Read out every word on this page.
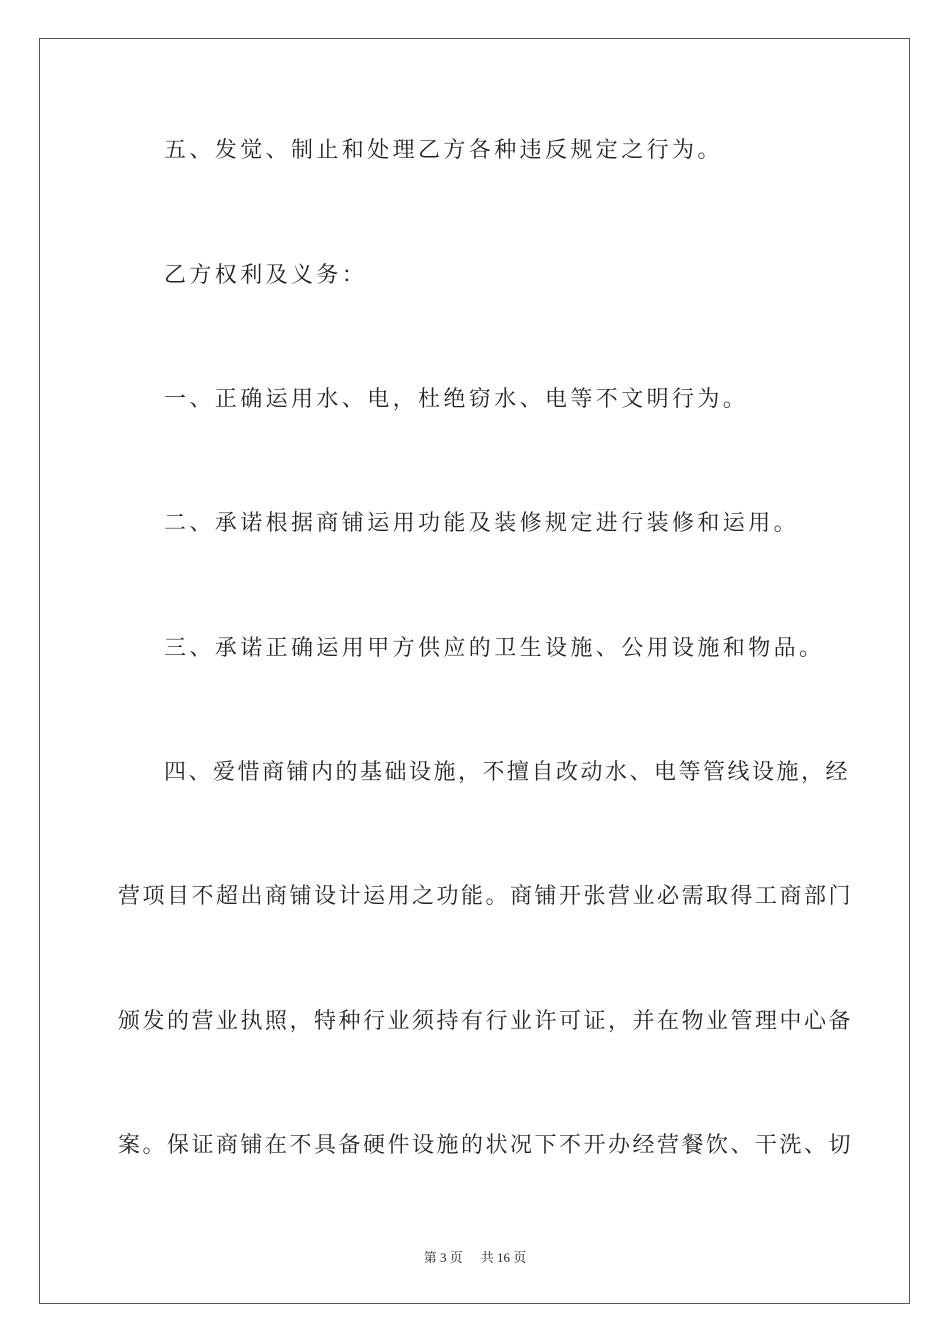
五、发觉、制止和处理乙方各种违反规定之行为。

乙方权利及义务：

一、正确运用水、电，杜绝窃水、电等不文明行为。

二、承诺根据商铺运用功能及装修规定进行装修和运用。

三、承诺正确运用甲方供应的卫生设施、公用设施和物品。

四、爱惜商铺内的基础设施，不擅自改动水、电等管线设施，经

营项目不超出商铺设计运用之功能。商铺开张营业必需取得工商部门

颁发的营业执照，特种行业须持有行业许可证，并在物业管理中心备

案。保证商铺在不具备硬件设施的状况下不开办经营餐饮、干洗、切

第 3 页 共 16 页
